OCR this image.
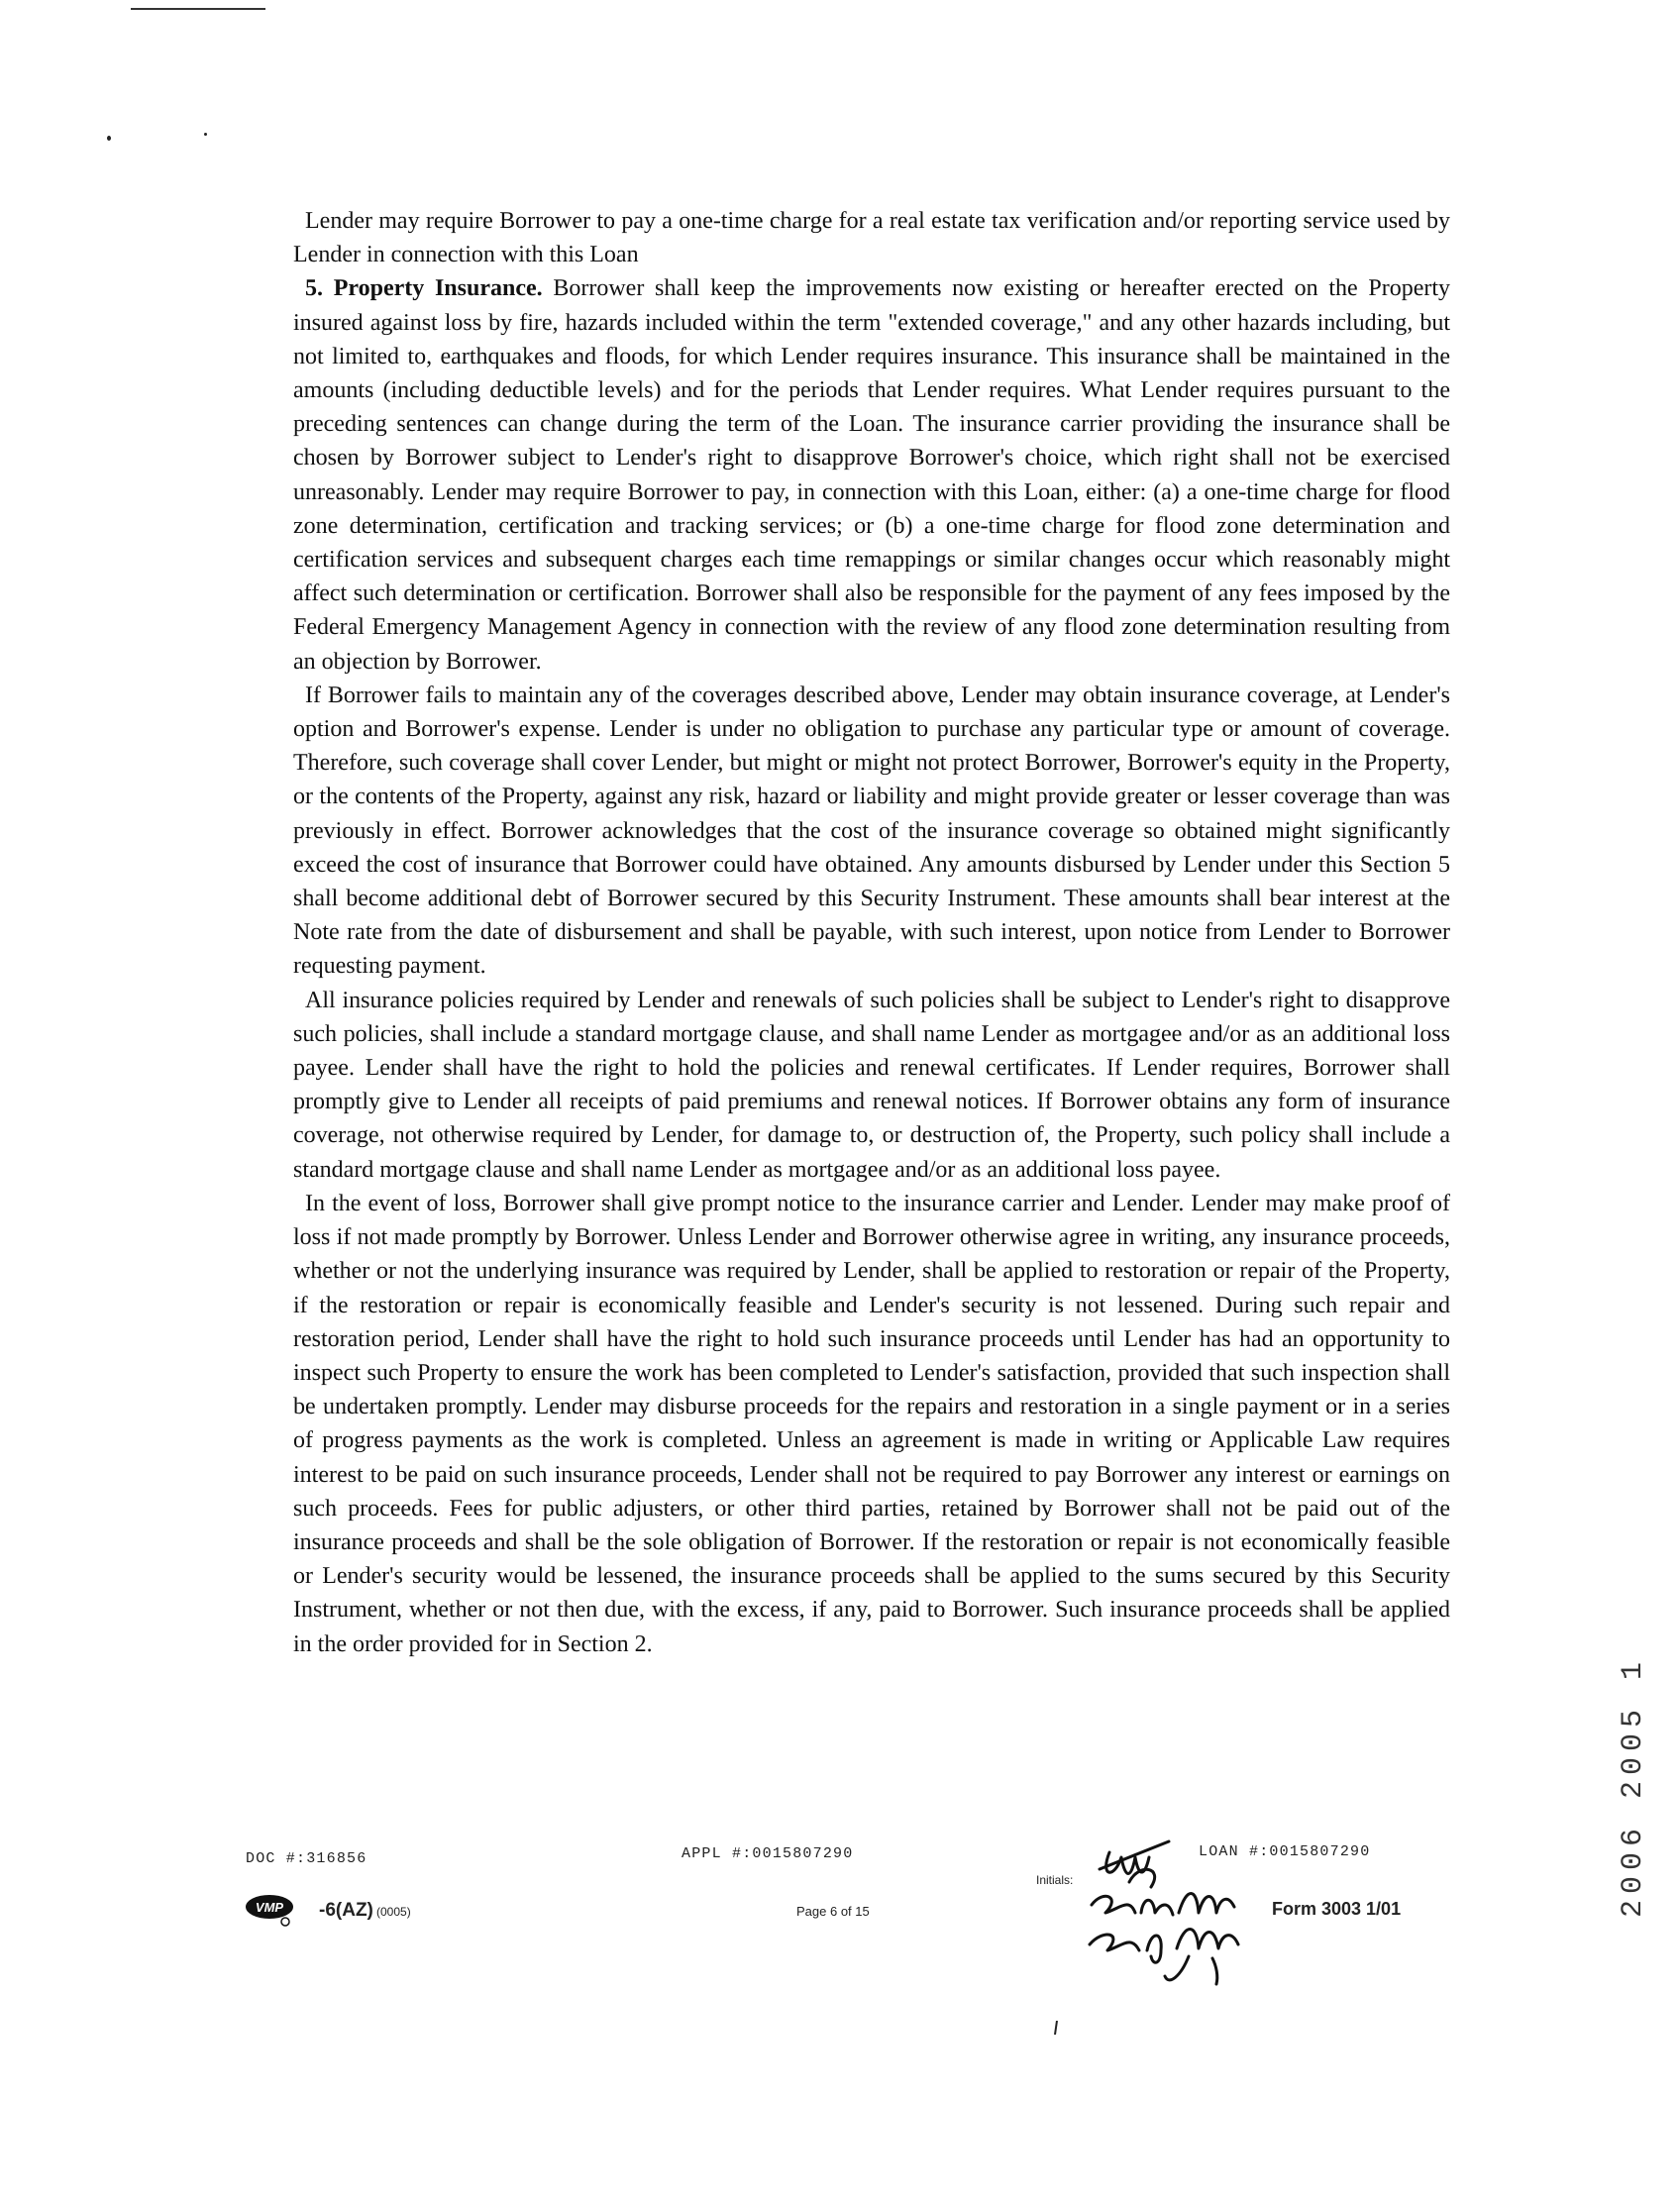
Lender may require Borrower to pay a one-time charge for a real estate tax verification and/or reporting service used by Lender in connection with this Loan

5. Property Insurance. Borrower shall keep the improvements now existing or hereafter erected on the Property insured against loss by fire, hazards included within the term "extended coverage," and any other hazards including, but not limited to, earthquakes and floods, for which Lender requires insurance. This insurance shall be maintained in the amounts (including deductible levels) and for the periods that Lender requires. What Lender requires pursuant to the preceding sentences can change during the term of the Loan. The insurance carrier providing the insurance shall be chosen by Borrower subject to Lender's right to disapprove Borrower's choice, which right shall not be exercised unreasonably. Lender may require Borrower to pay, in connection with this Loan, either: (a) a one-time charge for flood zone determination, certification and tracking services; or (b) a one-time charge for flood zone determination and certification services and subsequent charges each time remappings or similar changes occur which reasonably might affect such determination or certification. Borrower shall also be responsible for the payment of any fees imposed by the Federal Emergency Management Agency in connection with the review of any flood zone determination resulting from an objection by Borrower.

If Borrower fails to maintain any of the coverages described above, Lender may obtain insurance coverage, at Lender's option and Borrower's expense. Lender is under no obligation to purchase any particular type or amount of coverage. Therefore, such coverage shall cover Lender, but might or might not protect Borrower, Borrower's equity in the Property, or the contents of the Property, against any risk, hazard or liability and might provide greater or lesser coverage than was previously in effect. Borrower acknowledges that the cost of the insurance coverage so obtained might significantly exceed the cost of insurance that Borrower could have obtained. Any amounts disbursed by Lender under this Section 5 shall become additional debt of Borrower secured by this Security Instrument. These amounts shall bear interest at the Note rate from the date of disbursement and shall be payable, with such interest, upon notice from Lender to Borrower requesting payment.

All insurance policies required by Lender and renewals of such policies shall be subject to Lender's right to disapprove such policies, shall include a standard mortgage clause, and shall name Lender as mortgagee and/or as an additional loss payee. Lender shall have the right to hold the policies and renewal certificates. If Lender requires, Borrower shall promptly give to Lender all receipts of paid premiums and renewal notices. If Borrower obtains any form of insurance coverage, not otherwise required by Lender, for damage to, or destruction of, the Property, such policy shall include a standard mortgage clause and shall name Lender as mortgagee and/or as an additional loss payee.

In the event of loss, Borrower shall give prompt notice to the insurance carrier and Lender. Lender may make proof of loss if not made promptly by Borrower. Unless Lender and Borrower otherwise agree in writing, any insurance proceeds, whether or not the underlying insurance was required by Lender, shall be applied to restoration or repair of the Property, if the restoration or repair is economically feasible and Lender's security is not lessened. During such repair and restoration period, Lender shall have the right to hold such insurance proceeds until Lender has had an opportunity to inspect such Property to ensure the work has been completed to Lender's satisfaction, provided that such inspection shall be undertaken promptly. Lender may disburse proceeds for the repairs and restoration in a single payment or in a series of progress payments as the work is completed. Unless an agreement is made in writing or Applicable Law requires interest to be paid on such insurance proceeds, Lender shall not be required to pay Borrower any interest or earnings on such proceeds. Fees for public adjusters, or other third parties, retained by Borrower shall not be paid out of the insurance proceeds and shall be the sole obligation of Borrower. If the restoration or repair is not economically feasible or Lender's security would be lessened, the insurance proceeds shall be applied to the sums secured by this Security Instrument, whether or not then due, with the excess, if any, paid to Borrower. Such insurance proceeds shall be applied in the order provided for in Section 2.

DOC #:316856	APPL #:0015807290	LOAN #:0015807290
VMP -6(AZ) (0005)	Page 6 of 15
Initials:
Form 3003 1/01	2006 2005 1
